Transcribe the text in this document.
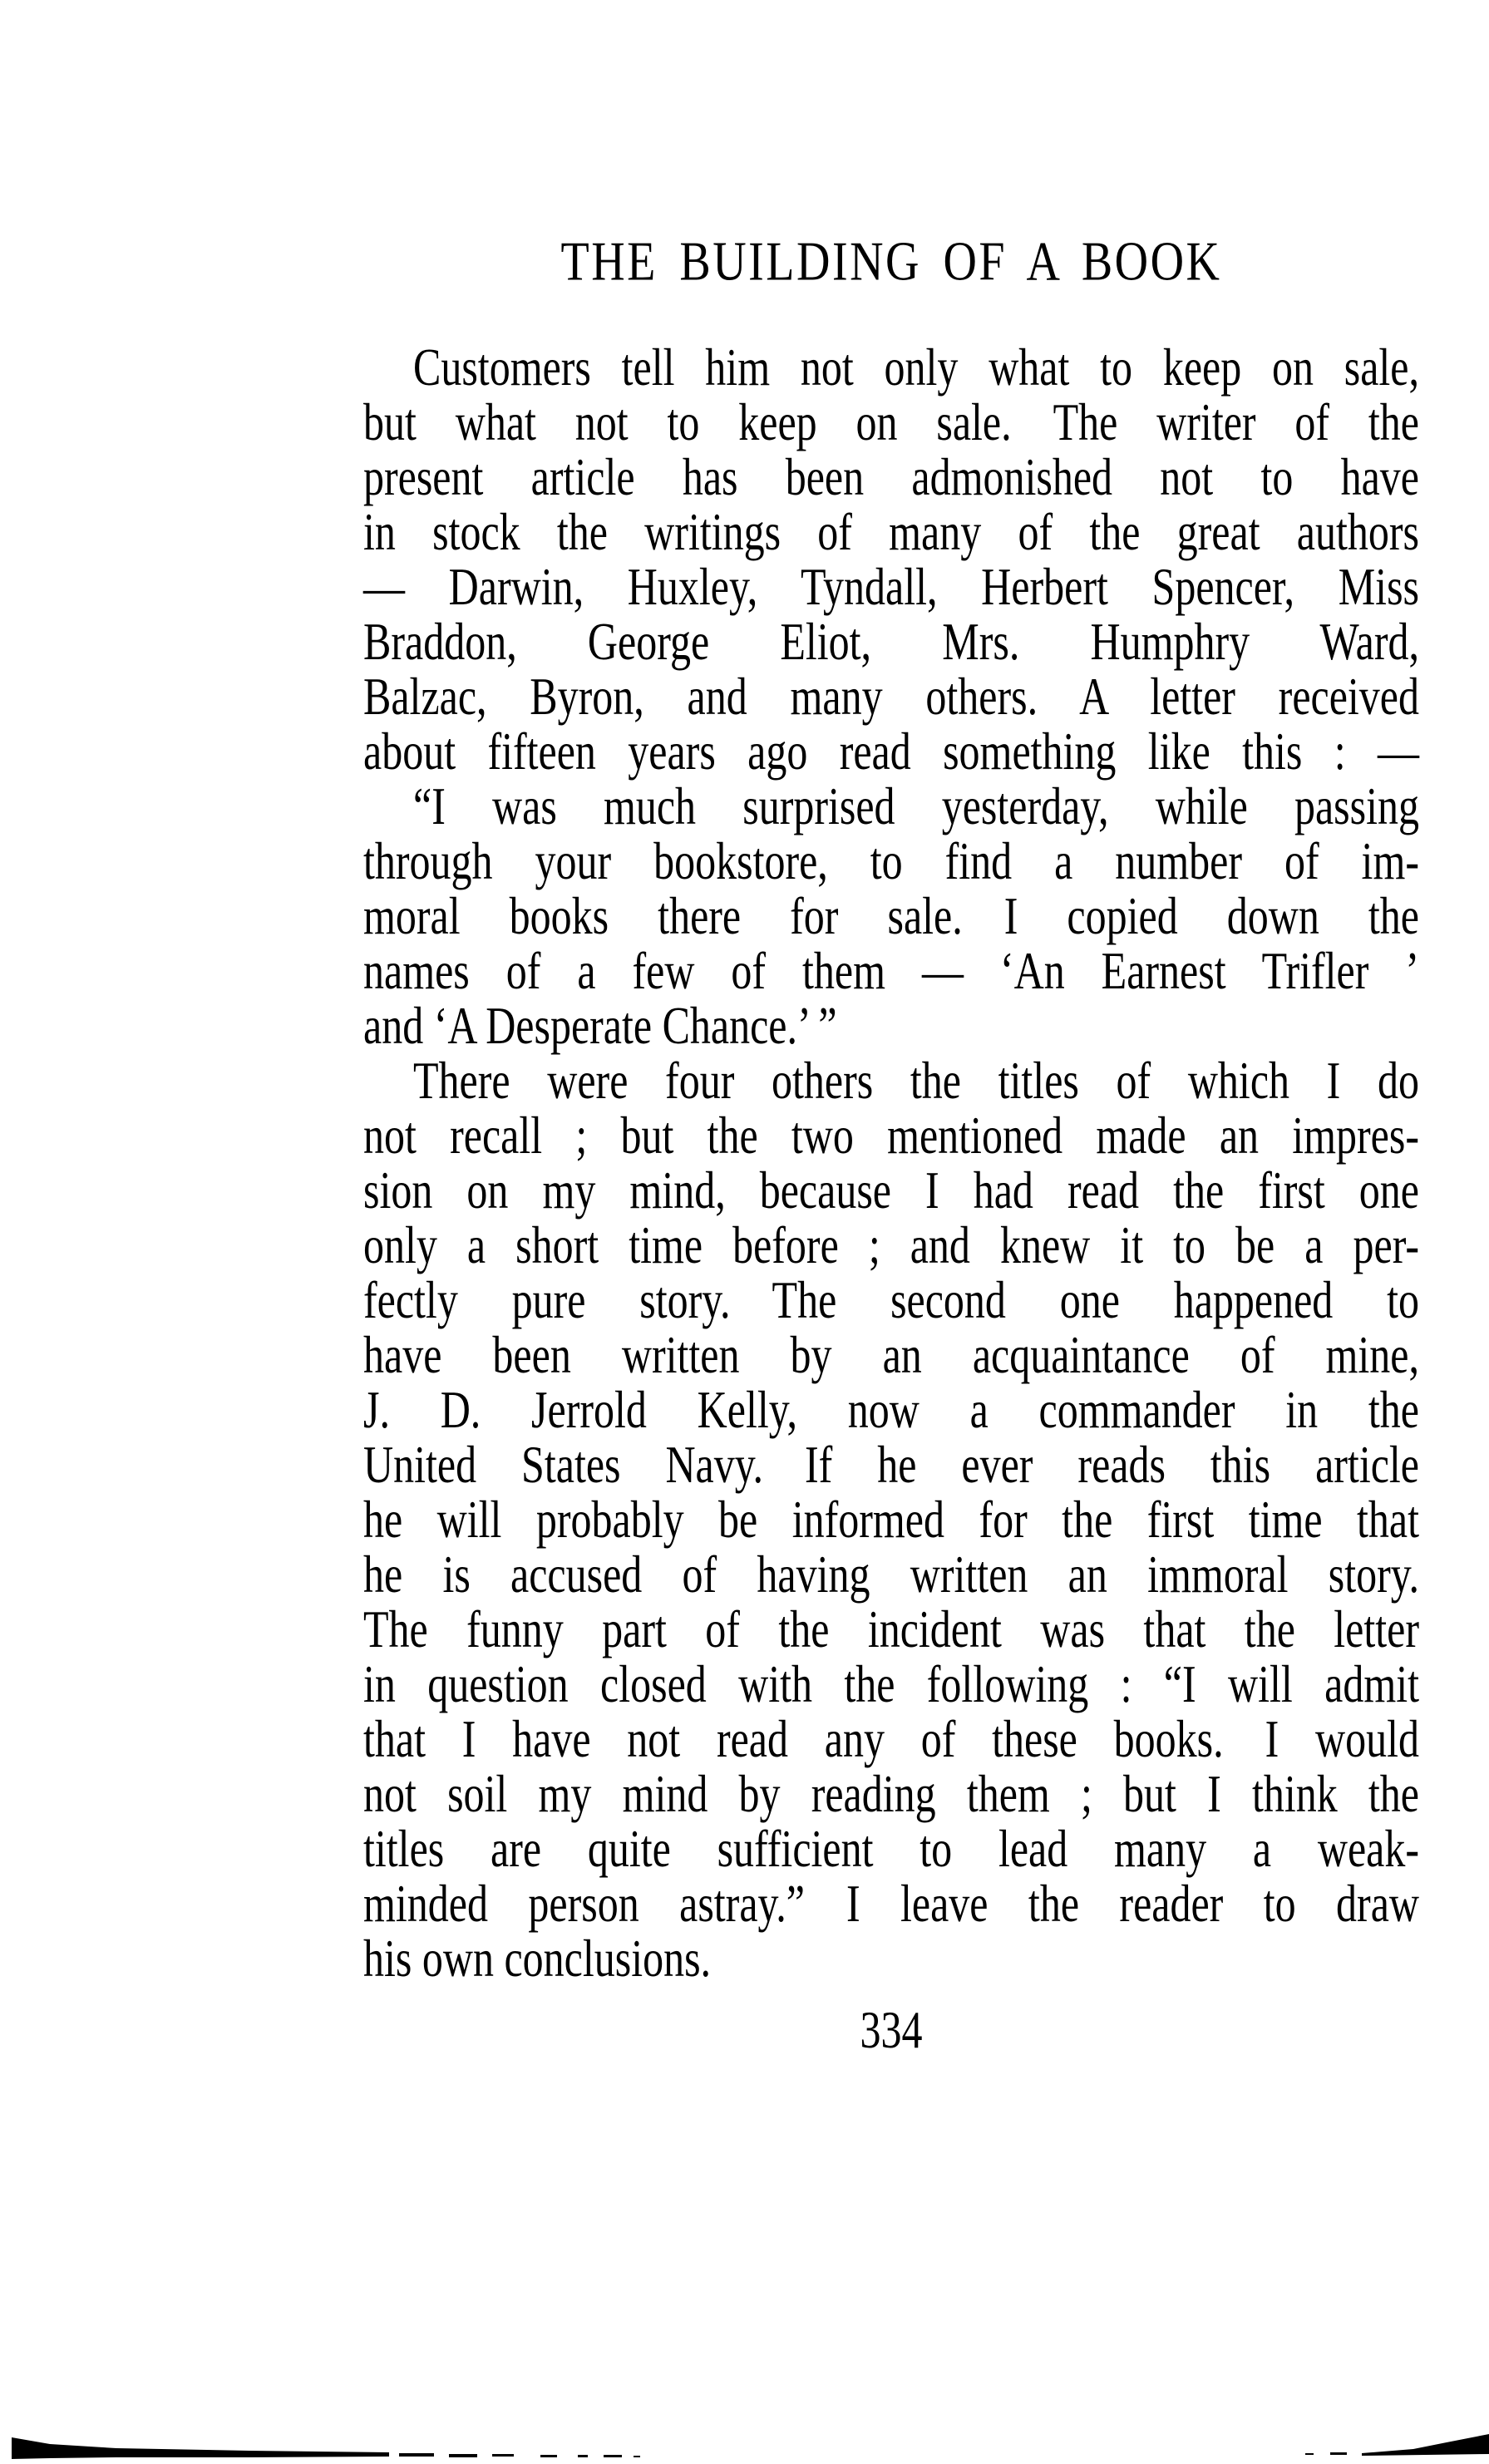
THE BUILDING OF A BOOK
Customers tell him not only what to keep on sale,
but what not to keep on sale. The writer of the
present article has been admonished not to have
in stock the writings of many of the great authors
— Darwin, Huxley, Tyndall, Herbert Spencer, Miss
Braddon, George Eliot, Mrs. Humphry Ward,
Balzac, Byron, and many others. A letter received
about fifteen years ago read something like this : —
“I was much surprised yesterday, while passing
through your bookstore, to find a number of im-
moral books there for sale. I copied down the
names of a few of them — ‘An Earnest Trifler ’
and ‘A Desperate Chance.’ ”
There were four others the titles of which I do
not recall ; but the two mentioned made an impres-
sion on my mind, because I had read the first one
only a short time before ; and knew it to be a per-
fectly pure story. The second one happened to
have been written by an acquaintance of mine,
J. D. Jerrold Kelly, now a commander in the
United States Navy. If he ever reads this article
he will probably be informed for the first time that
he is accused of having written an immoral story.
The funny part of the incident was that the letter
in question closed with the following : “I will admit
that I have not read any of these books. I would
not soil my mind by reading them ; but I think the
titles are quite sufficient to lead many a weak-
minded person astray.” I leave the reader to draw
his own conclusions.
334
